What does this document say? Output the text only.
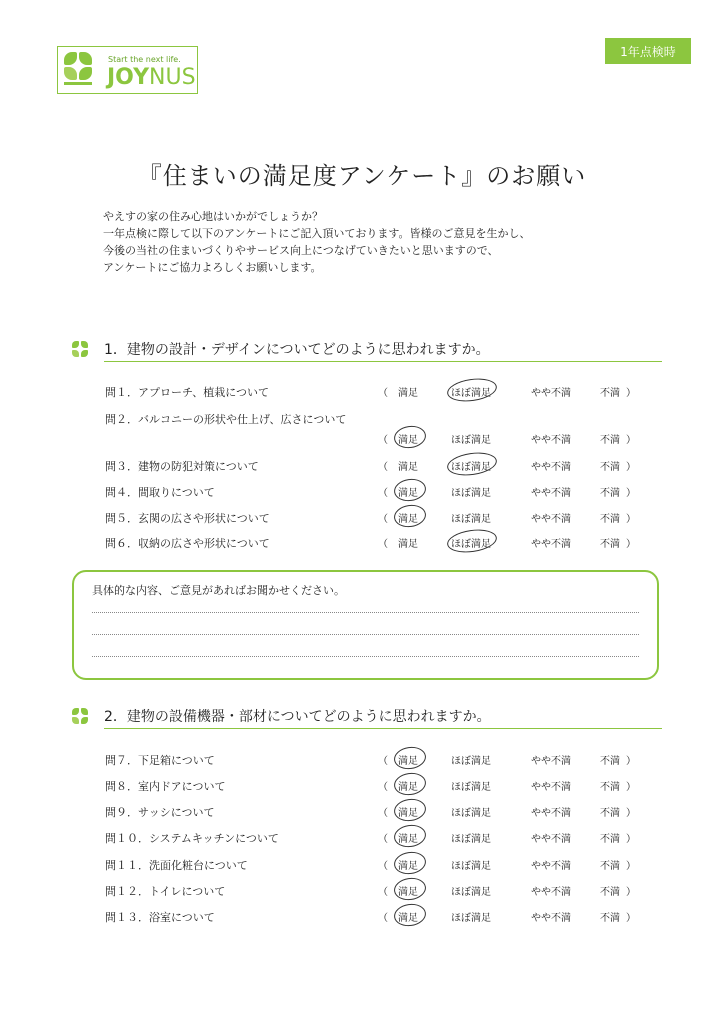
Start the next life.
JOYNUS
1年点検時
『住まいの満足度アンケート』のお願い
やえすの家の住み心地はいかがでしょうか？
一年点検に際して以下のアンケートにご記入頂いております。皆様のご意見を生かし、
今後の当社の住まいづくりやサービス向上につなげていきたいと思いますので、
アンケートにご協力よろしくお願いします。
1．建物の設計・デザインについてどのように思われますか。
問１．アプローチ、植栽について	（ 満足	ほぼ満足	やや不満	不満 ）
問２．バルコニーの形状や仕上げ、広さについて
（ 満足	ほぼ満足	やや不満	不満 ）
問３．建物の防犯対策について	（ 満足	ほぼ満足	やや不満	不満 ）
問４．間取りについて	（ 満足	ほぼ満足	やや不満	不満 ）
問５．玄関の広さや形状について	（ 満足	ほぼ満足	やや不満	不満 ）
問６．収納の広さや形状について	（ 満足	ほぼ満足	やや不満	不満 ）
具体的な内容、ご意見があればお聞かせください。
2．建物の設備機器・部材についてどのように思われますか。
問７．下足箱について	（ 満足	ほぼ満足	やや不満	不満 ）
問８．室内ドアについて	（ 満足	ほぼ満足	やや不満	不満 ）
問９．サッシについて	（ 満足	ほぼ満足	やや不満	不満 ）
問１０．システムキッチンについて	（ 満足	ほぼ満足	やや不満	不満 ）
問１１．洗面化粧台について	（ 満足	ほぼ満足	やや不満	不満 ）
問１２．トイレについて	（ 満足	ほぼ満足	やや不満	不満 ）
問１３．浴室について	（ 満足	ほぼ満足	やや不満	不満 ）
